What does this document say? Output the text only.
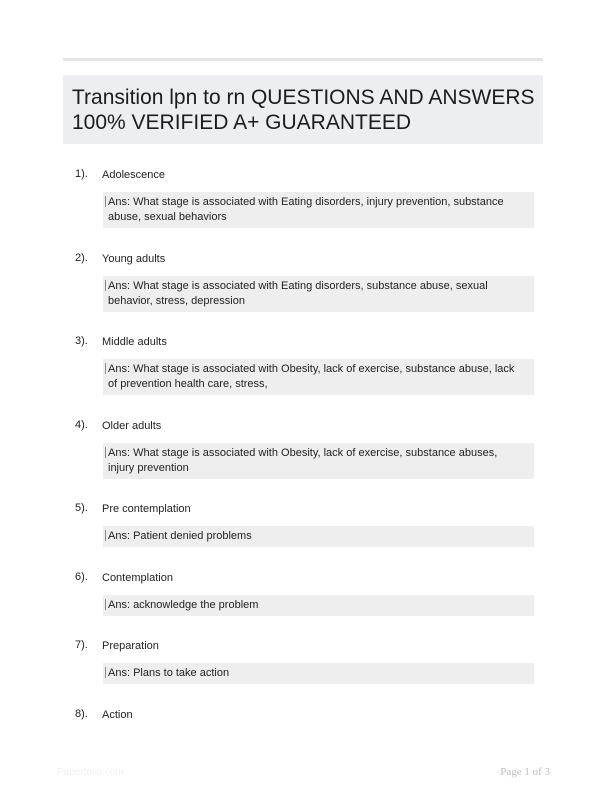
Transition lpn to rn QUESTIONS AND ANSWERS
100% VERIFIED A+ GUARANTEED
1). Adolescence
Ans: What stage is associated with Eating disorders, injury prevention, substance abuse, sexual behaviors
2). Young adults
Ans: What stage is associated with Eating disorders, substance abuse, sexual behavior, stress, depression
3). Middle adults
Ans: What stage is associated with Obesity, lack of exercise, substance abuse, lack of prevention health care, stress,
4). Older adults
Ans: What stage is associated with Obesity, lack of exercise, substance abuses, injury prevention
5). Pre contemplation
Ans: Patient denied problems
6). Contemplation
Ans: acknowledge the problem
7). Preparation
Ans: Plans to take action
8). Action
Paperfolio.com	Page 1 of 3
